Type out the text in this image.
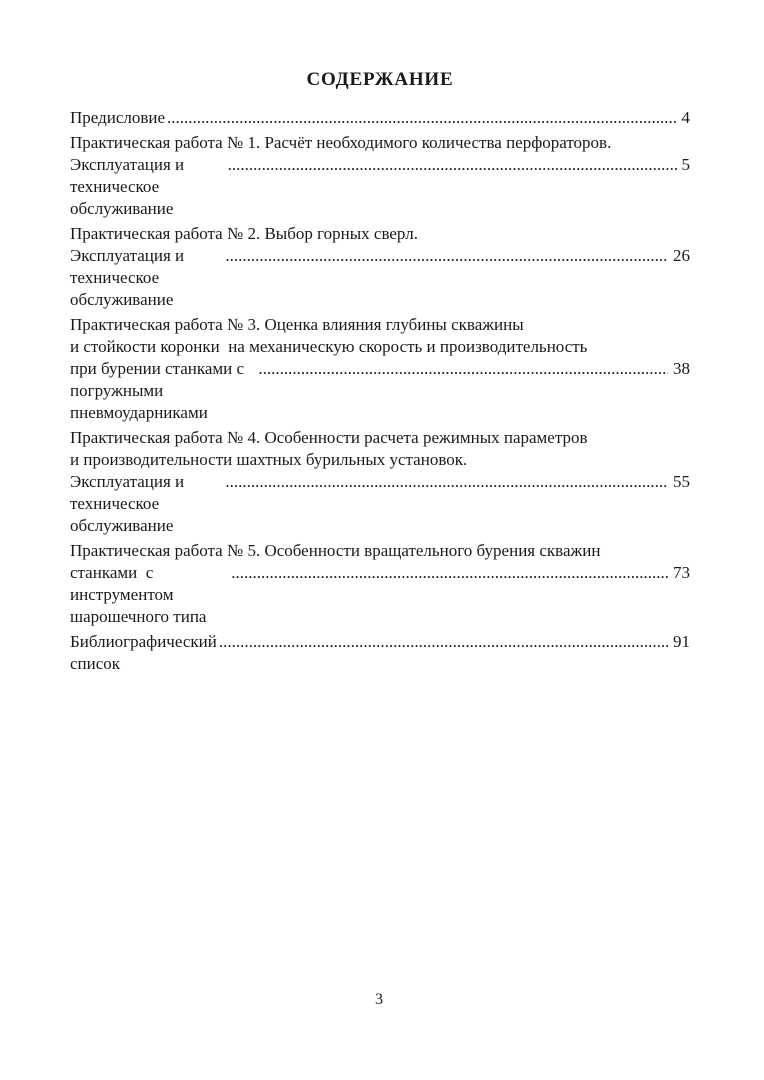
СОДЕРЖАНИЕ
Предисловие .....	4
Практическая работа № 1. Расчёт необходимого количества перфораторов.
Эксплуатация и техническое обслуживание
.....
5
Практическая работа № 2. Выбор горных сверл.
Эксплуатация и техническое обслуживание
.....
26
Практическая работа № 3. Оценка влияния глубины скважины
и стойкости коронки  на механическую скорость и производительность
при бурении станками с погружными пневмоударниками
.....
38
Практическая работа № 4. Особенности расчета режимных параметров
и производительности шахтных бурильных установок.
Эксплуатация и техническое обслуживание
.....
55
Практическая работа № 5. Особенности вращательного бурения скважин
станками  с инструментом шарошечного типа
.....
73
Библиографический список
.....
91
3
